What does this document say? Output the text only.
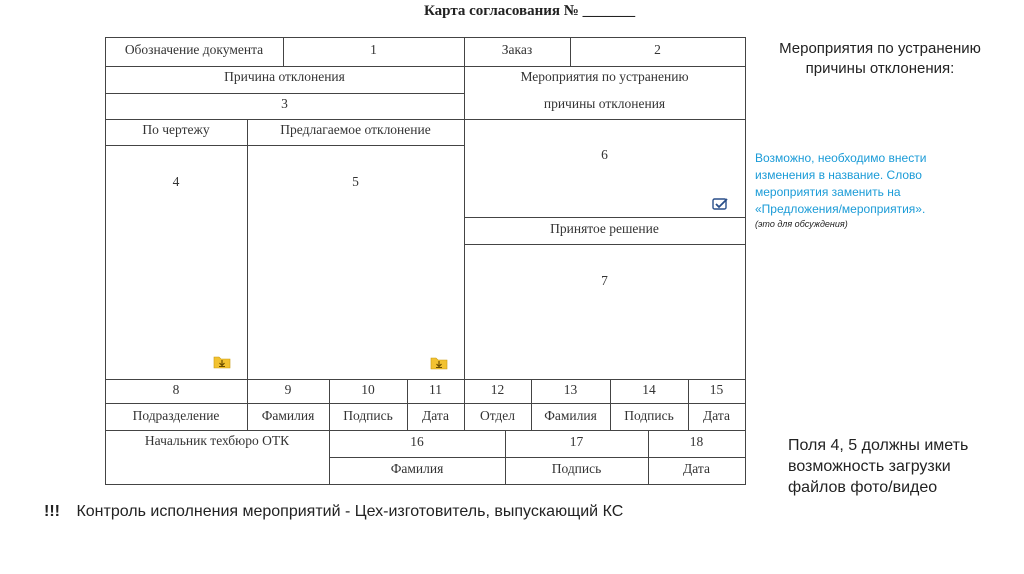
Карта согласования № _______
Обозначение документа	1	Заказ	2
Причина отклонения
3
Мероприятия по устранению
причины отклонения
По чертежу	Предлагаемое отклонение
4	5
6
Принятое решение
7
8	9	10	11	12	13	14	15
Подразделение	Фамилия	Подпись	Дата	Отдел	Фамилия	Подпись	Дата
Начальник техбюро ОТК	16	17	18
Фамилия	Подпись	Дата
Мероприятия по устранению причины отклонения:
Возможно, необходимо внести изменения в название. Слово мероприятия заменить на «Предложения/мероприятия».
(это для обсуждения)
Поля 4, 5 должны иметь возможность загрузки файлов фото/видео
!!! Контроль исполнения мероприятий - Цех-изготовитель, выпускающий КС
